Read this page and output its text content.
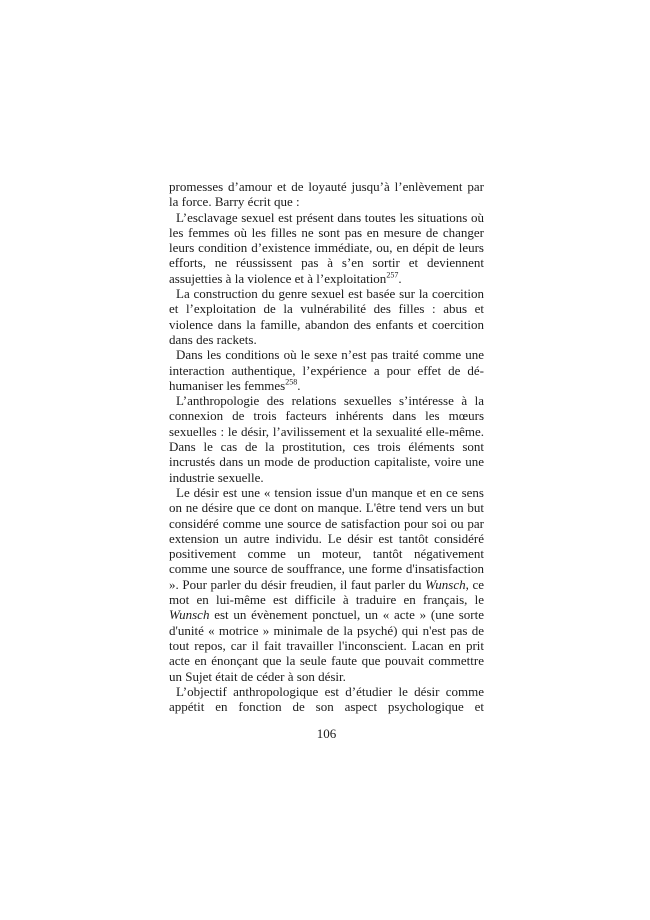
promesses d’amour et de loyauté jusqu’à l’enlèvement par la force. Barry écrit que :

L’esclavage sexuel est présent dans toutes les situations où les femmes où les filles ne sont pas en mesure de changer leurs condition d’existence immédiate, ou, en dépit de leurs efforts, ne réussissent pas à s’en sortir et deviennent assujetties à la violence et à l’exploitation$^{257}$.

La construction du genre sexuel est basée sur la coercition et l’exploitation de la vulnérabilité des filles : abus et violence dans la famille, abandon des enfants et coercition dans des rackets.

Dans les conditions où le sexe n’est pas traité comme une interaction authentique, l’expérience a pour effet de dé-humaniser les femmes$^{258}$.

L’anthropologie des relations sexuelles s’intéresse à la connexion de trois facteurs inhérents dans les mœurs sexuelles : le désir, l’avilissement et la sexualité elle-même. Dans le cas de la prostitution, ces trois éléments sont incrustés dans un mode de production capitaliste, voire une industrie sexuelle.

Le désir est une « tension issue d'un manque et en ce sens on ne désire que ce dont on manque. L'être tend vers un but considéré comme une source de satisfaction pour soi ou par extension un autre individu. Le désir est tantôt considéré positivement comme un moteur, tantôt négativement comme une source de souffrance, une forme d'insatisfaction ». Pour parler du désir freudien, il faut parler du Wunsch, ce mot en lui-même est difficile à traduire en français, le Wunsch est un évènement ponctuel, un « acte » (une sorte d'unité « motrice » minimale de la psyché) qui n'est pas de tout repos, car il fait travailler l'inconscient. Lacan en prit acte en énonçant que la seule faute que pouvait commettre un Sujet était de céder à son désir.

L’objectif anthropologique est d’étudier le désir comme appétit en fonction de son aspect psychologique et

106
